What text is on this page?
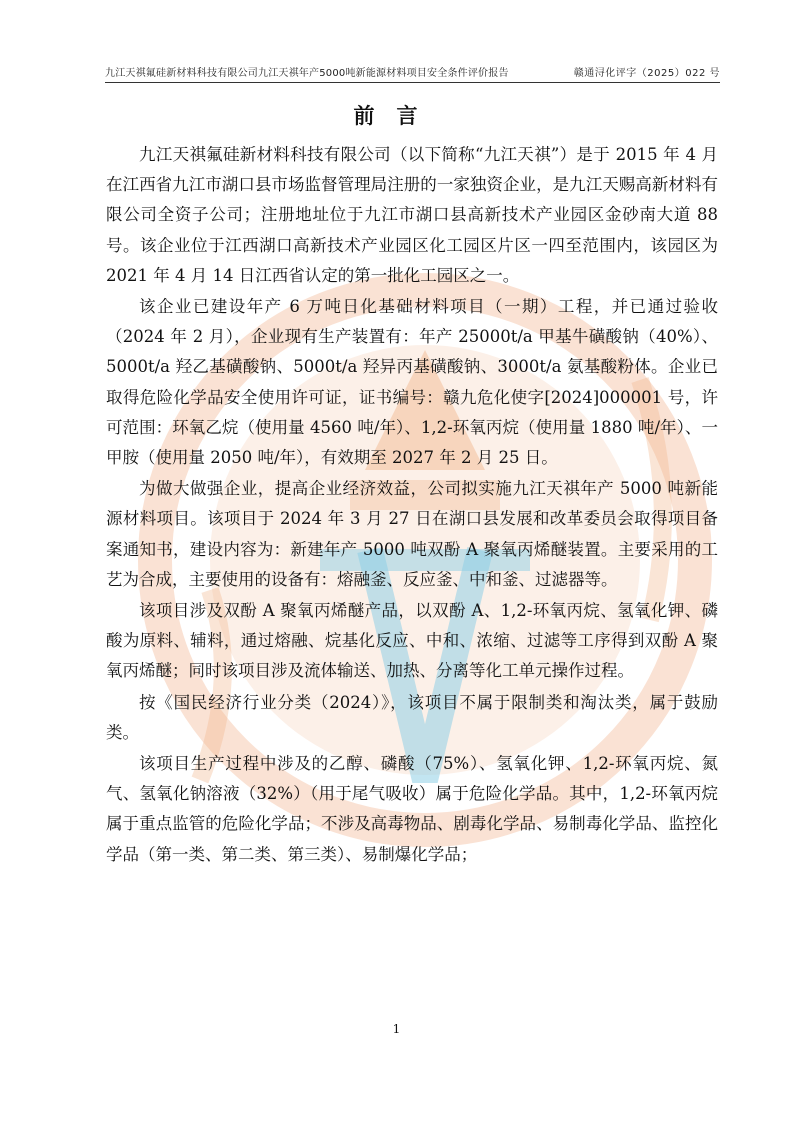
九江天祺氟硅新材料科技有限公司九江天祺年产5000吨新能源材料项目安全条件评价报告	赣通浔化评字（2025）022 号
前言

九江天祺氟硅新材料科技有限公司（以下简称“九江天祺”）是于 2015 年 4 月在江西省九江市湖口县市场监督管理局注册的一家独资企业，是九江天赐高新材料有限公司全资子公司；注册地址位于九江市湖口县高新技术产业园区金砂南大道 88 号。该企业位于江西湖口高新技术产业园区化工园区片区一四至范围内，该园区为 2021 年 4 月 14 日江西省认定的第一批化工园区之一。

该企业已建设年产 6 万吨日化基础材料项目（一期）工程，并已通过验收（2024 年 2 月），企业现有生产装置有：年产 25000t/a 甲基牛磺酸钠（40%）、5000t/a 羟乙基磺酸钠、5000t/a 羟异丙基磺酸钠、3000t/a 氨基酸粉体。企业已取得危险化学品安全使用许可证，证书编号：赣九危化使字[2024]000001 号，许可范围：环氧乙烷（使用量 4560 吨/年）、1,2-环氧丙烷（使用量 1880 吨/年）、一甲胺（使用量 2050 吨/年），有效期至 2027 年 2 月 25 日。

为做大做强企业，提高企业经济效益，公司拟实施九江天祺年产 5000 吨新能源材料项目。该项目于 2024 年 3 月 27 日在湖口县发展和改革委员会取得项目备案通知书，建设内容为：新建年产 5000 吨双酚 A 聚氧丙烯醚装置。主要采用的工艺为合成，主要使用的设备有：熔融釜、反应釜、中和釜、过滤器等。

该项目涉及双酚 A 聚氧丙烯醚产品，以双酚 A、1,2-环氧丙烷、氢氧化钾、磷酸为原料、辅料，通过熔融、烷基化反应、中和、浓缩、过滤等工序得到双酚 A 聚氧丙烯醚；同时该项目涉及流体输送、加热、分离等化工单元操作过程。

按《国民经济行业分类（2024）》，该项目不属于限制类和淘汰类，属于鼓励类。

该项目生产过程中涉及的乙醇、磷酸（75%）、氢氧化钾、1,2-环氧丙烷、氮气、氢氧化钠溶液（32%）（用于尾气吸收）属于危险化学品。其中，1,2-环氧丙烷属于重点监管的危险化学品；不涉及高毒物品、剧毒化学品、易制毒化学品、监控化学品（第一类、第二类、第三类）、易制爆化学品；

1
